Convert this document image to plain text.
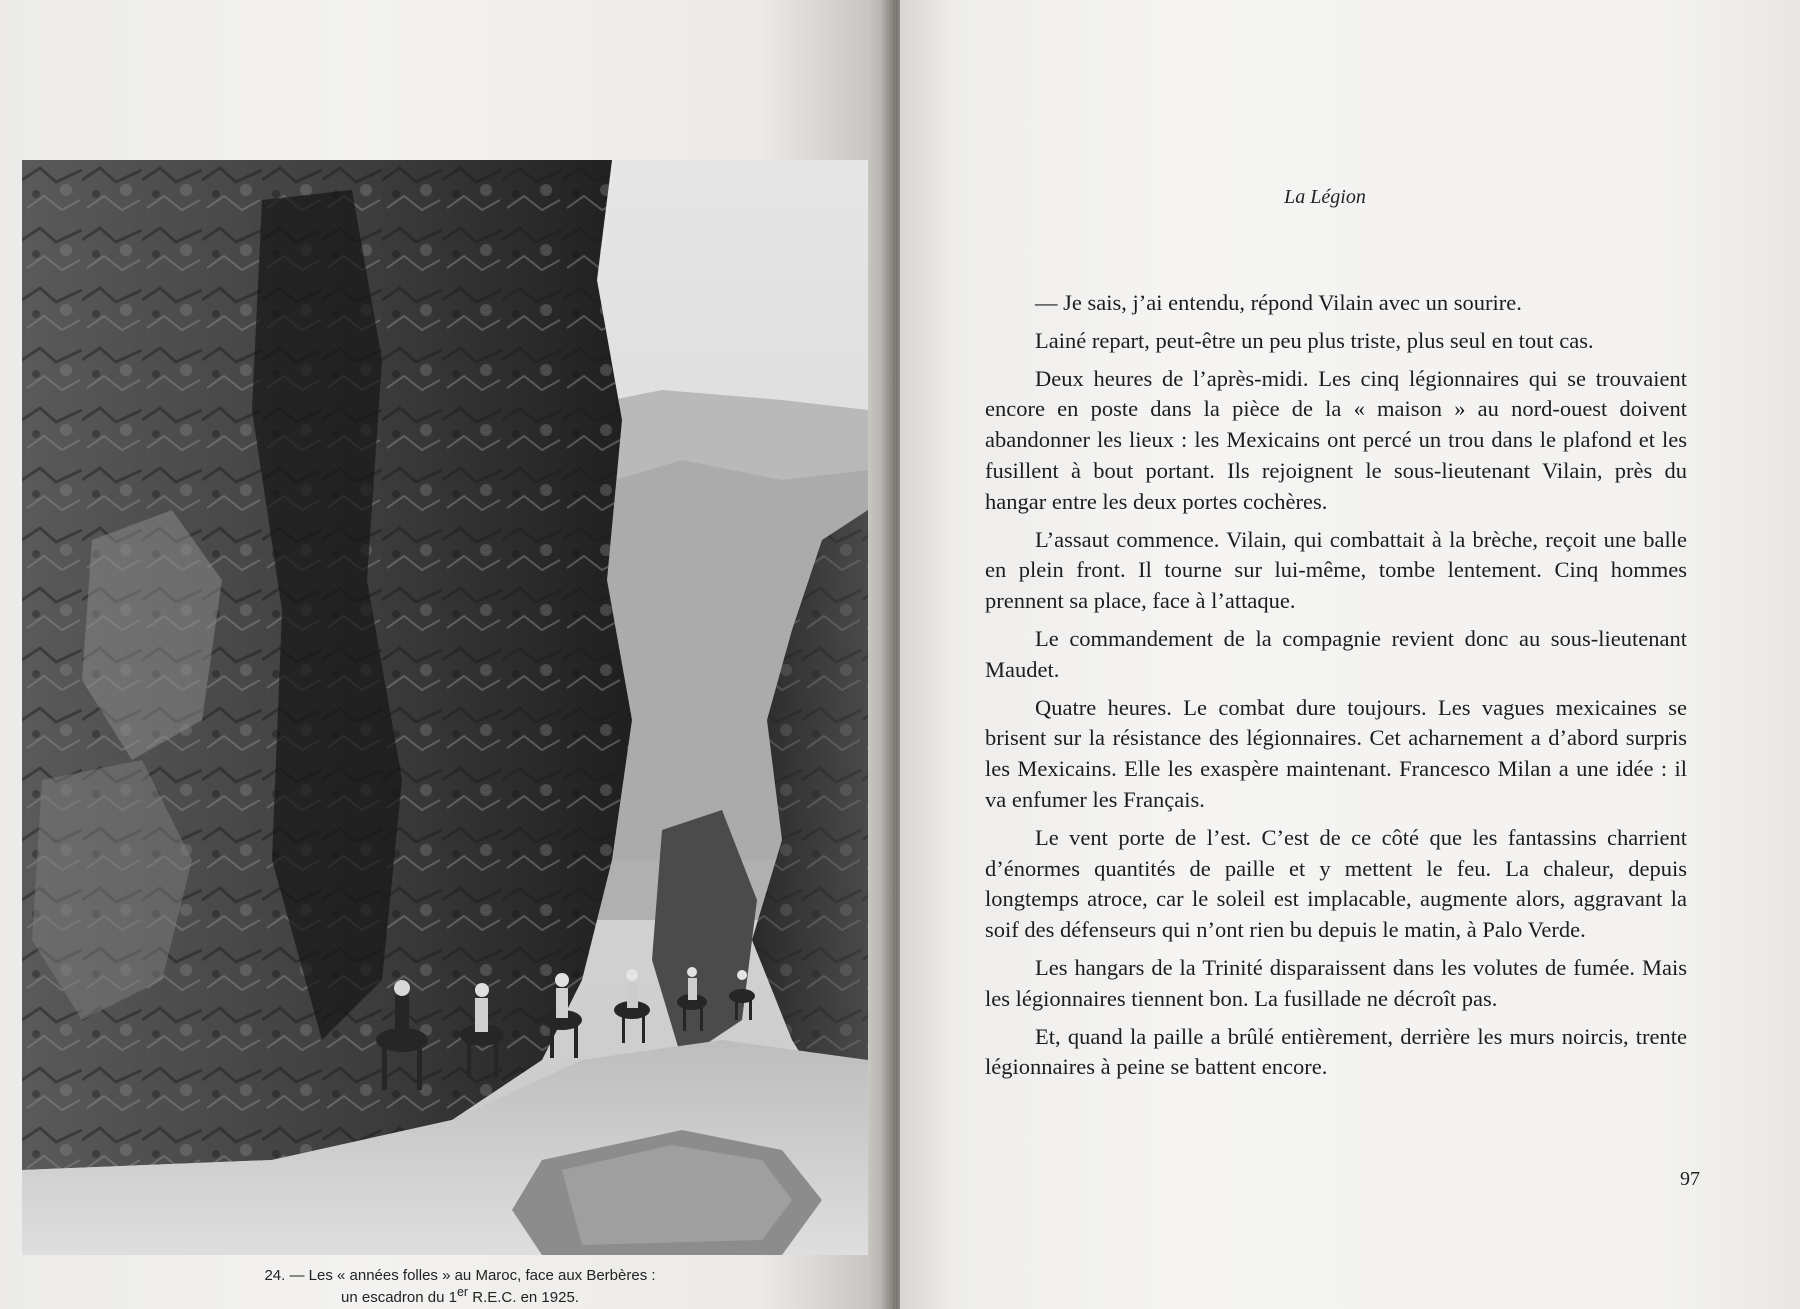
24. — Les « années folles » au Maroc, face aux Berbères :
un escadron du 1er R.E.C. en 1925.
La Légion

— Je sais, j’ai entendu, répond Vilain avec un sourire.

Lainé repart, peut-être un peu plus triste, plus seul en tout cas.

Deux heures de l’après-midi. Les cinq légionnaires qui se trouvaient encore en poste dans la pièce de la « maison » au nord-ouest doivent abandonner les lieux : les Mexicains ont percé un trou dans le plafond et les fusillent à bout portant. Ils rejoignent le sous-lieutenant Vilain, près du hangar entre les deux portes cochères.

L’assaut commence. Vilain, qui combattait à la brèche, reçoit une balle en plein front. Il tourne sur lui-même, tombe lentement. Cinq hommes prennent sa place, face à l’attaque.

Le commandement de la compagnie revient donc au sous-lieutenant Maudet.

Quatre heures. Le combat dure toujours. Les vagues mexicaines se brisent sur la résistance des légionnaires. Cet acharnement a d’abord surpris les Mexicains. Elle les exaspère maintenant. Francesco Milan a une idée : il va enfumer les Français.

Le vent porte de l’est. C’est de ce côté que les fantassins charrient d’énormes quantités de paille et y mettent le feu. La chaleur, depuis longtemps atroce, car le soleil est implacable, augmente alors, aggravant la soif des défenseurs qui n’ont rien bu depuis le matin, à Palo Verde.

Les hangars de la Trinité disparaissent dans les volutes de fumée. Mais les légionnaires tiennent bon. La fusillade ne décroît pas.

Et, quand la paille a brûlé entièrement, derrière les murs noircis, trente légionnaires à peine se battent encore.

97
